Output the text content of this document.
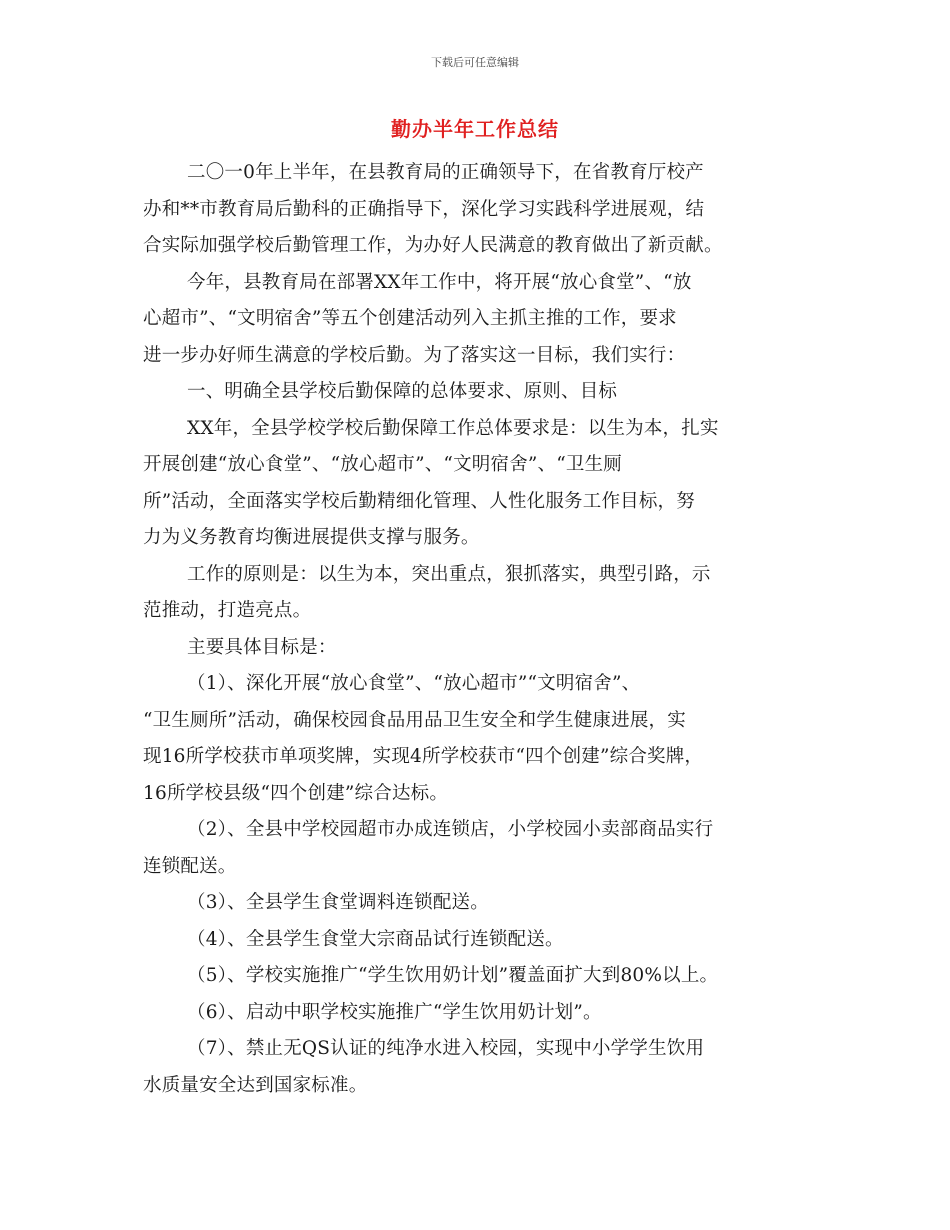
下载后可任意编辑
勤办半年工作总结
二〇一0年上半年，在县教育局的正确领导下，在省教育厅校产
办和**市教育局后勤科的正确指导下，深化学习实践科学进展观，结
合实际加强学校后勤管理工作，为办好人民满意的教育做出了新贡献。
今年，县教育局在部署XX年工作中，将开展“放心食堂”、“放
心超市”、“文明宿舍”等五个创建活动列入主抓主推的工作，要求
进一步办好师生满意的学校后勤。为了落实这一目标，我们实行：
一、明确全县学校后勤保障的总体要求、原则、目标
XX年，全县学校学校后勤保障工作总体要求是：以生为本，扎实
开展创建“放心食堂”、“放心超市”、“文明宿舍”、“卫生厕
所”活动，全面落实学校后勤精细化管理、人性化服务工作目标，努
力为义务教育均衡进展提供支撑与服务。
工作的原则是：以生为本，突出重点，狠抓落实，典型引路，示
范推动，打造亮点。
主要具体目标是：
（1）、深化开展“放心食堂”、“放心超市”“文明宿舍”、
“卫生厕所”活动，确保校园食品用品卫生安全和学生健康进展，实
现16所学校获市单项奖牌，实现4所学校获市“四个创建”综合奖牌，
16所学校县级“四个创建”综合达标。
（2）、全县中学校园超市办成连锁店，小学校园小卖部商品实行
连锁配送。
（3）、全县学生食堂调料连锁配送。
（4）、全县学生食堂大宗商品试行连锁配送。
（5）、学校实施推广“学生饮用奶计划”覆盖面扩大到80%以上。
（6）、启动中职学校实施推广“学生饮用奶计划”。
（7）、禁止无QS认证的纯净水进入校园，实现中小学学生饮用
水质量安全达到国家标准。
